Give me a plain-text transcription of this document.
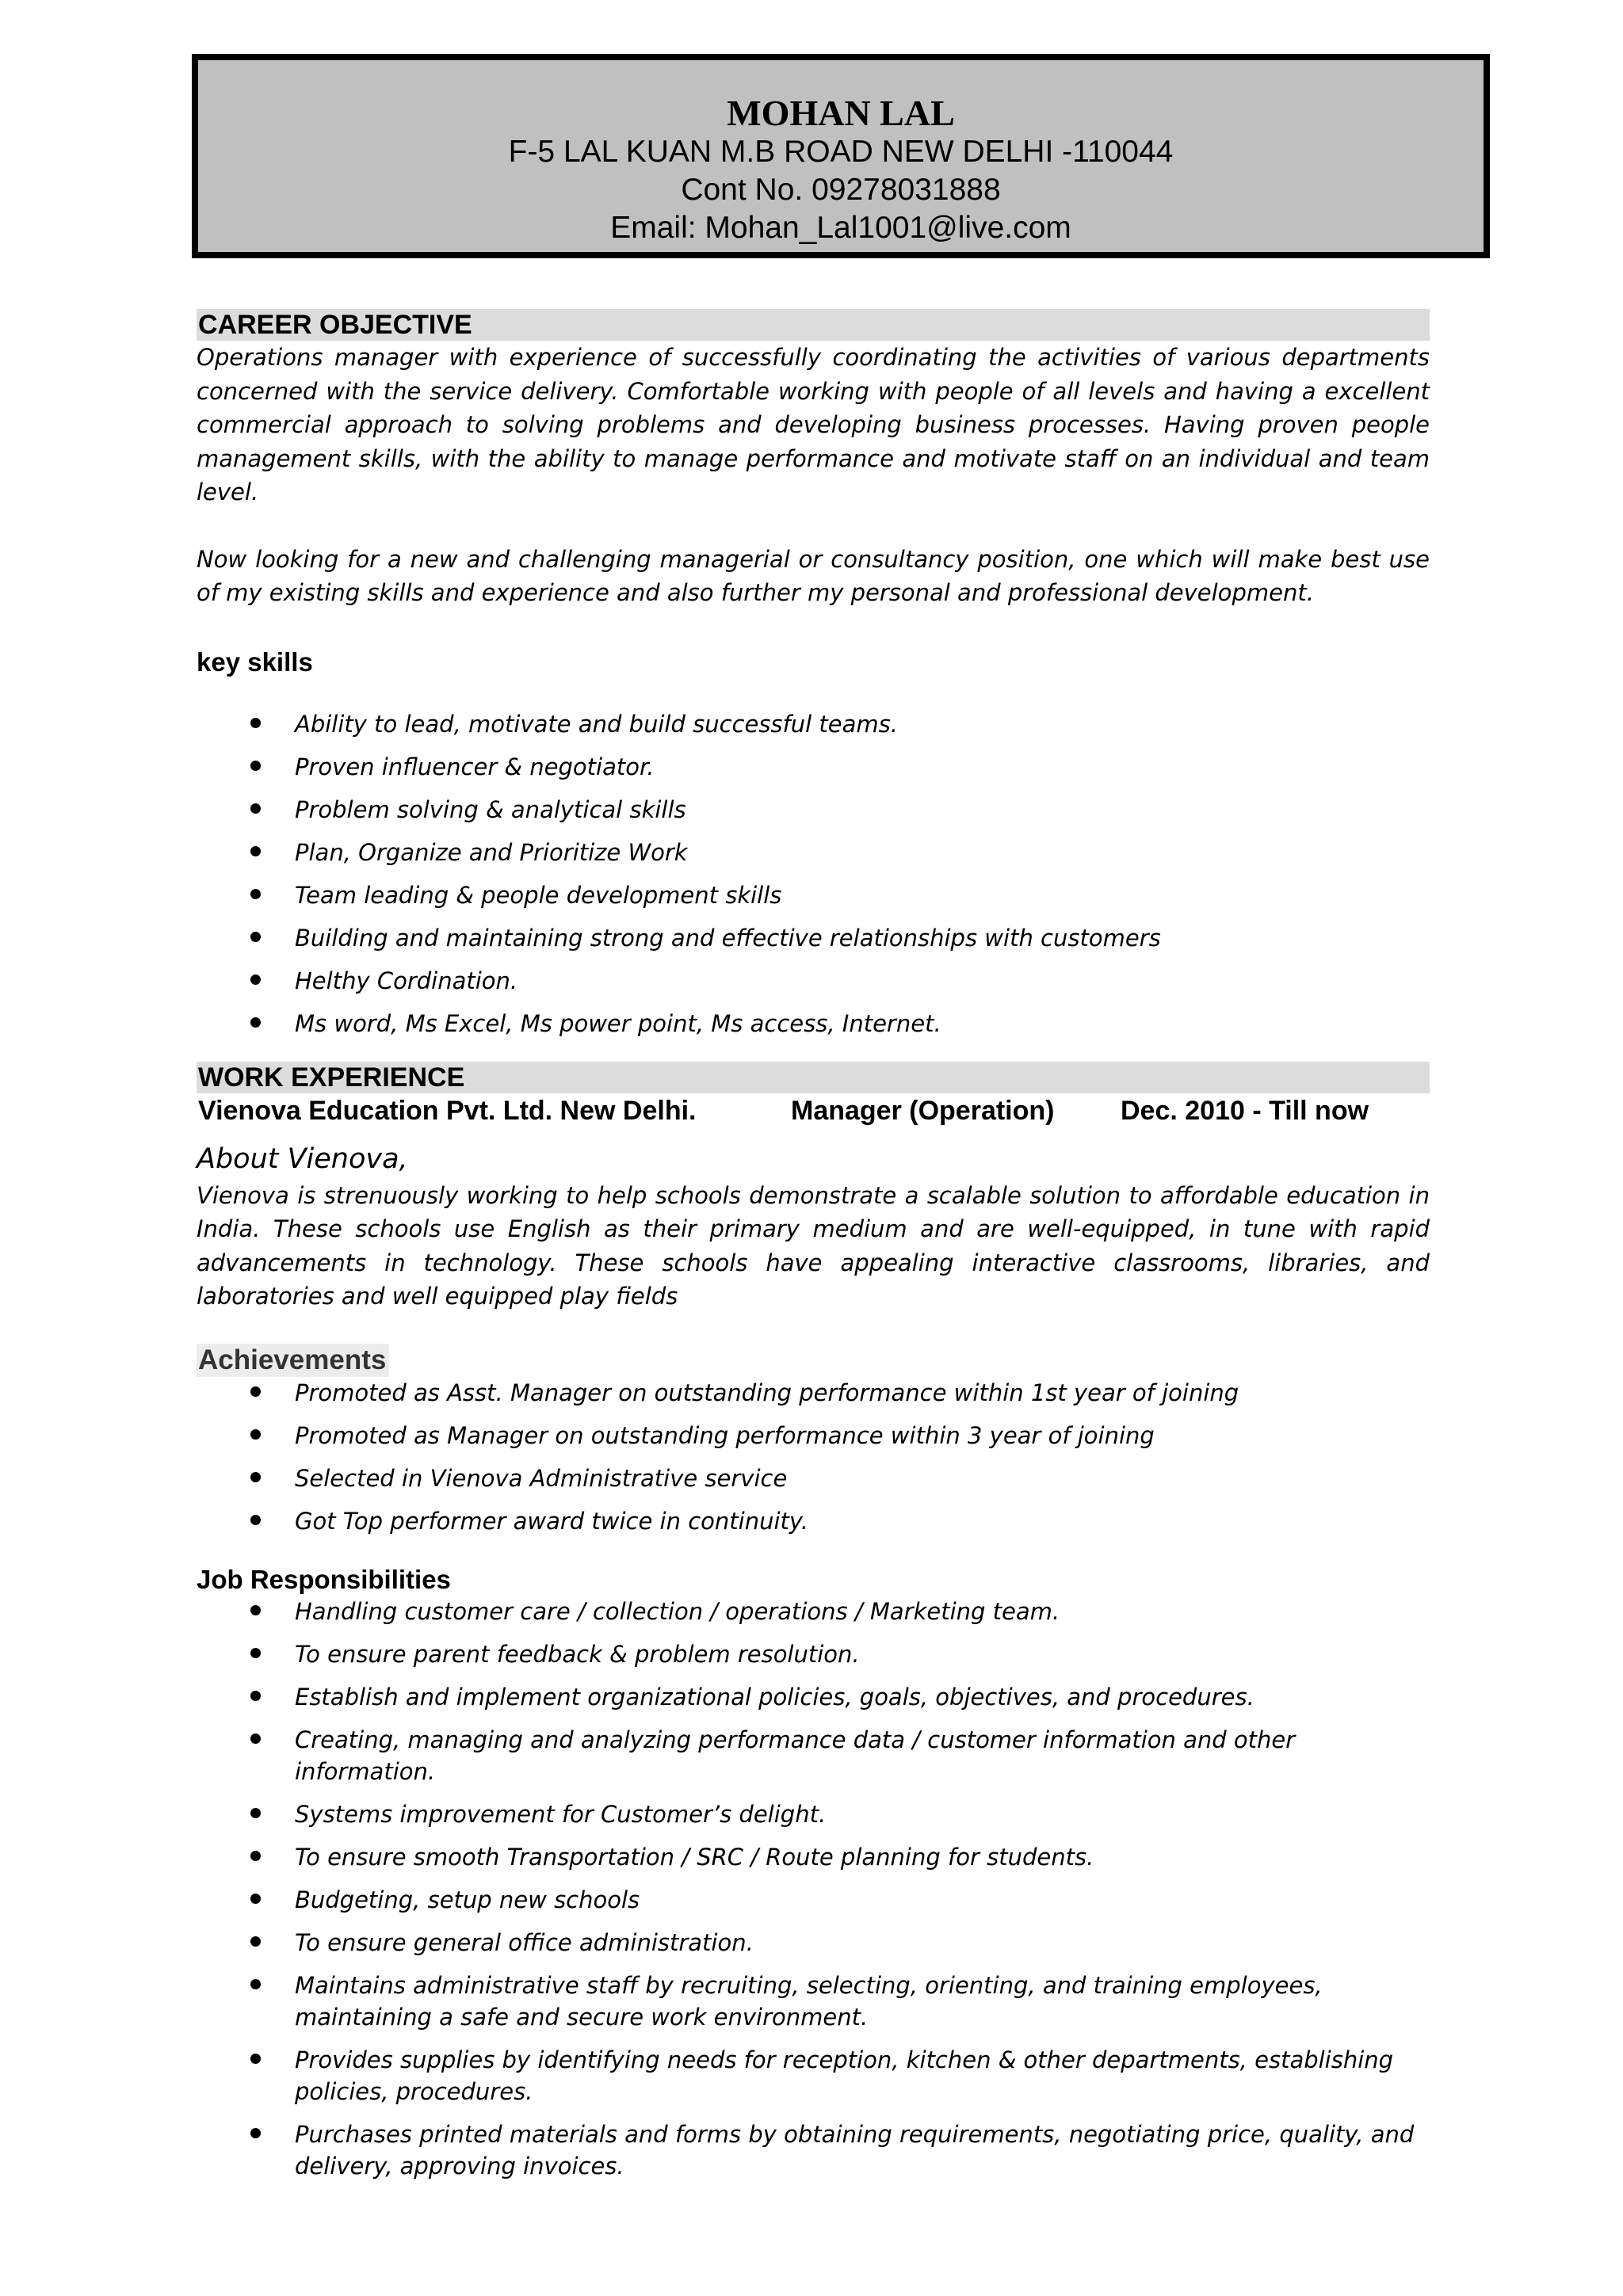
MOHAN LAL
F-5 LAL KUAN M.B ROAD NEW DELHI -110044
Cont No. 09278031888
Email: Mohan_Lal1001@live.com
CAREER OBJECTIVE

Operations manager with experience of successfully coordinating the activities of various departments concerned with the service delivery. Comfortable working with people of all levels and having a excellent commercial approach to solving problems and developing business processes. Having proven people management skills, with the ability to manage performance and motivate staff on an individual and team level.

Now looking for a new and challenging managerial or consultancy position, one which will make best use of my existing skills and experience and also further my personal and professional development.

key skills
Ability to lead, motivate and build successful teams.
Proven influencer & negotiator.
Problem solving & analytical skills
Plan, Organize and Prioritize Work
Team leading & people development skills
Building and maintaining strong and effective relationships with customers
Helthy Cordination.
Ms word, Ms Excel, Ms power point, Ms access, Internet.
WORK EXPERIENCE
Vienova Education Pvt. Ltd. New Delhi.	Manager (Operation) Dec. 2010 - Till now
About Vienova,

Vienova is strenuously working to help schools demonstrate a scalable solution to affordable education in India. These schools use English as their primary medium and are well-equipped, in tune with rapid advancements in technology. These schools have appealing interactive classrooms, libraries, and laboratories and well equipped play fields

Achievements
Promoted as Asst. Manager on outstanding performance within 1st year of joining
Promoted as Manager on outstanding performance within 3 year of joining
Selected in Vienova Administrative service
Got Top performer award twice in continuity.
Job Responsibilities
Handling customer care / collection / operations / Marketing team.
To ensure parent feedback & problem resolution.
Establish and implement organizational policies, goals, objectives, and procedures.
Creating, managing and analyzing performance data / customer information and other information.
Systems improvement for Customer’s delight.
To ensure smooth Transportation / SRC / Route planning for students.
Budgeting, setup new schools
To ensure general office administration.
Maintains administrative staff by recruiting, selecting, orienting, and training employees, maintaining a safe and secure work environment.
Provides supplies by identifying needs for reception, kitchen & other departments, establishing policies, procedures.
Purchases printed materials and forms by obtaining requirements, negotiating price, quality, and delivery, approving invoices.
